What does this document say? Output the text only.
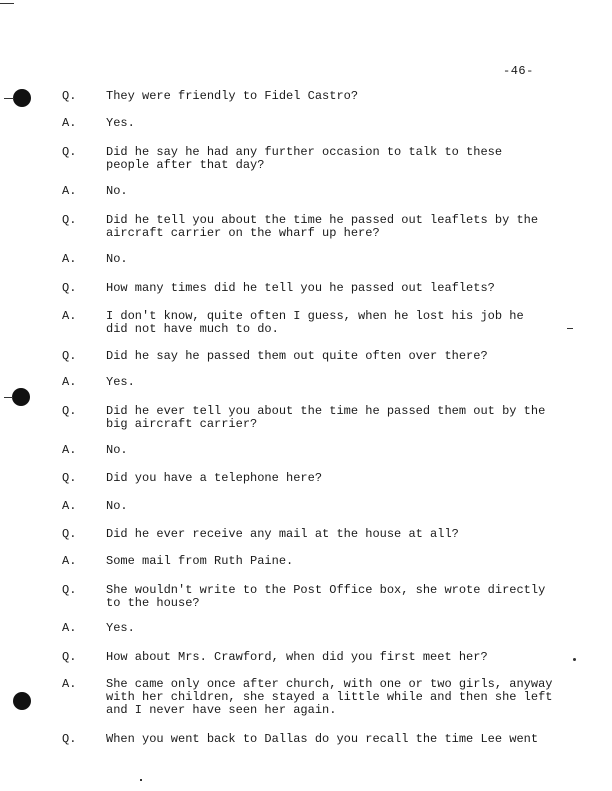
-46-
Q. They were friendly to Fidel Castro?
A. Yes.
Q. Did he say he had any further occasion to talk to these
people after that day?
A. No.
Q. Did he tell you about the time he passed out leaflets by the
aircraft carrier on the wharf up here?
A. No.
Q. How many times did he tell you he passed out leaflets?
A. I don't know, quite often I guess, when he lost his job he
did not have much to do.
Q. Did he say he passed them out quite often over there?
A. Yes.
Q. Did he ever tell you about the time he passed them out by the
big aircraft carrier?
A. No.
Q. Did you have a telephone here?
A. No.
Q. Did he ever receive any mail at the house at all?
A. Some mail from Ruth Paine.
Q. She wouldn't write to the Post Office box, she wrote directly
to the house?
A. Yes.
Q. How about Mrs. Crawford, when did you first meet her?
A. She came only once after church, with one or two girls, anyway
with her children, she stayed a little while and then she left
and I never have seen her again.
Q. When you went back to Dallas do you recall the time Lee went
